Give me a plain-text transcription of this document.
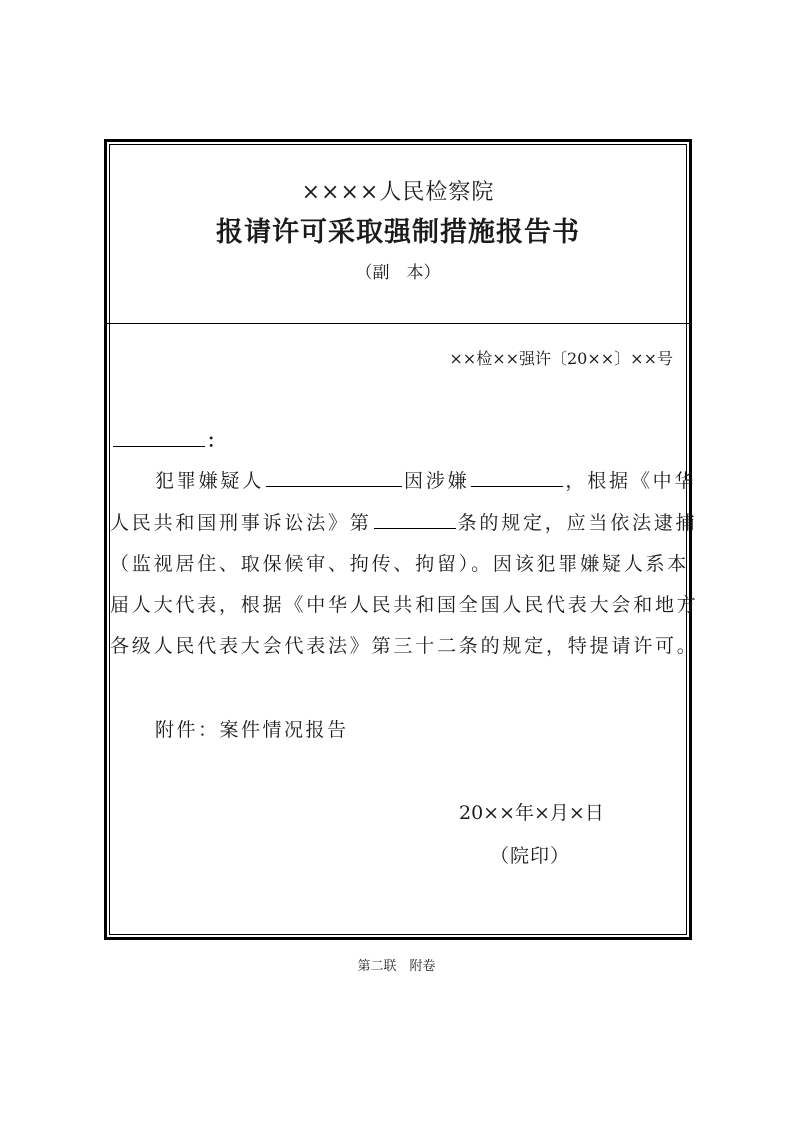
××××人民检察院
报请许可采取强制措施报告书
（副　本）
××检××强许〔20××〕××号
：
犯罪嫌疑人	因涉嫌	，根据《中华
人民共和国刑事诉讼法》第	条的规定，应当依法逮捕
（监视居住、取保候审、拘传、拘留）。因该犯罪嫌疑人系本
届人大代表，根据《中华人民共和国全国人民代表大会和地方
各级人民代表大会代表法》第三十二条的规定，特提请许可。
附件：案件情况报告
20××年×月×日
（院印）
第二联　附卷
